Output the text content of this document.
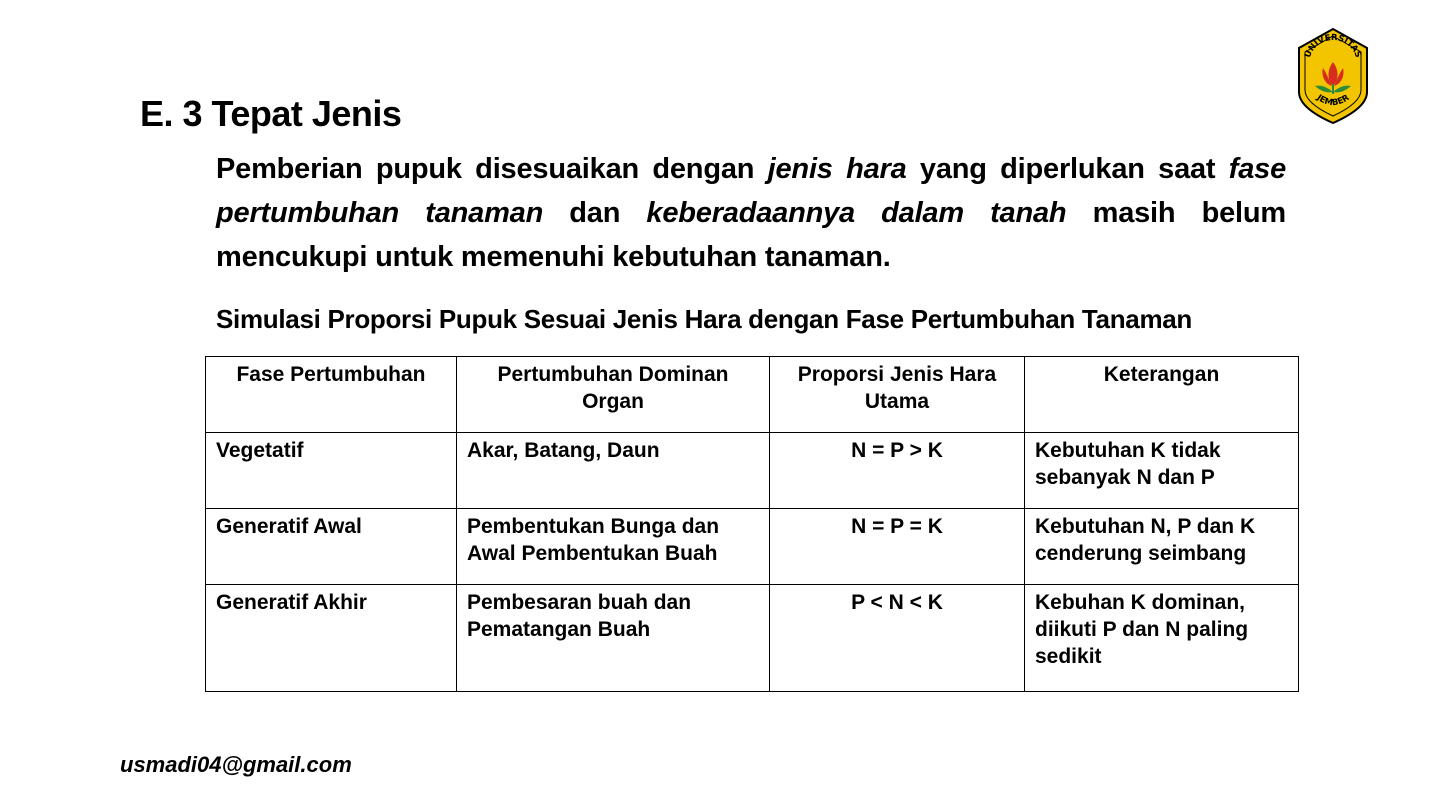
UNIVERSITAS
JEMBER
E. 3 Tepat Jenis
Pemberian pupuk disesuaikan dengan jenis hara yang diperlukan saat fase pertumbuhan tanaman dan keberadaannya dalam tanah masih belum mencukupi untuk memenuhi kebutuhan tanaman.
Simulasi Proporsi Pupuk Sesuai Jenis Hara dengan Fase Pertumbuhan Tanaman
Fase Pertumbuhan	Pertumbuhan Dominan Organ	Proporsi Jenis Hara Utama	Keterangan
Vegetatif	Akar, Batang, Daun	N = P > K	Kebutuhan K tidak sebanyak N dan P
Generatif Awal	Pembentukan Bunga dan Awal Pembentukan Buah	N = P = K	Kebutuhan N, P dan K cenderung seimbang
Generatif Akhir	Pembesaran buah dan Pematangan Buah	P < N < K	Kebuhan K dominan, diikuti P dan N paling sedikit
usmadi04@gmail.com
